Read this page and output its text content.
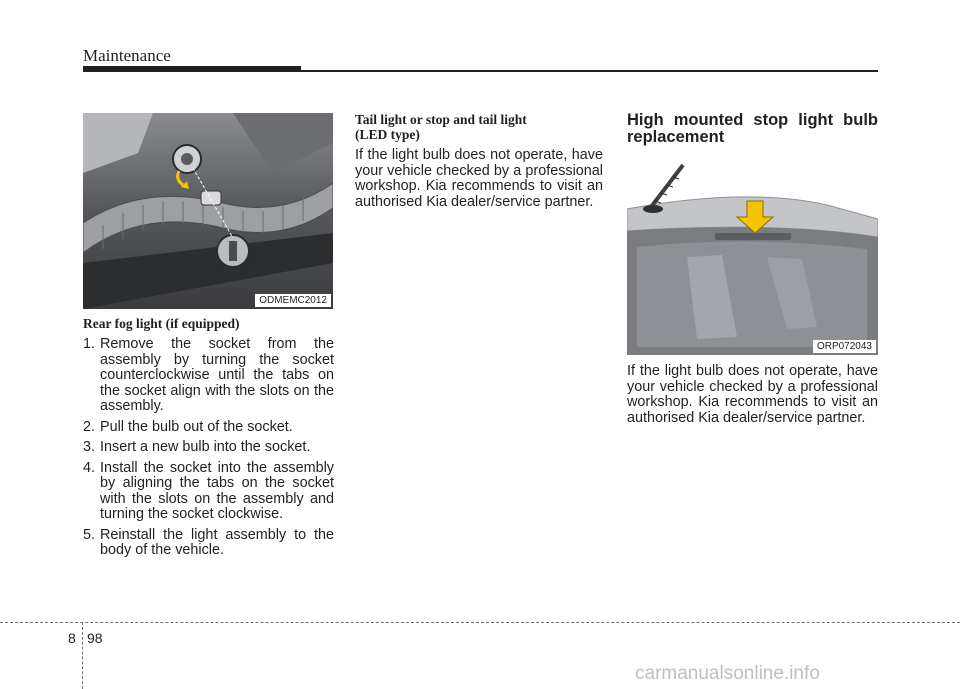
Maintenance
ODMEMC2012
ORP072043
Rear fog light (if equipped)
1. Remove the socket from the assembly by turning the socket counterclockwise until the tabs on the socket align with the slots on the assembly.
2. Pull the bulb out of the socket.
3. Insert a new bulb into the socket.
4. Install the socket into the assembly by aligning the tabs on the socket with the slots on the assembly and turning the socket clockwise.
5. Reinstall the light assembly to the body of the vehicle.
Tail light or stop and tail light
(LED type)

If the light bulb does not operate, have your vehicle checked by a professional workshop. Kia recommends to visit an authorised Kia dealer/service partner.

High mounted stop light bulb replacement

If the light bulb does not operate, have your vehicle checked by a professional workshop. Kia recommends to visit an authorised Kia dealer/service partner.

8 98
carmanualsonline.info
